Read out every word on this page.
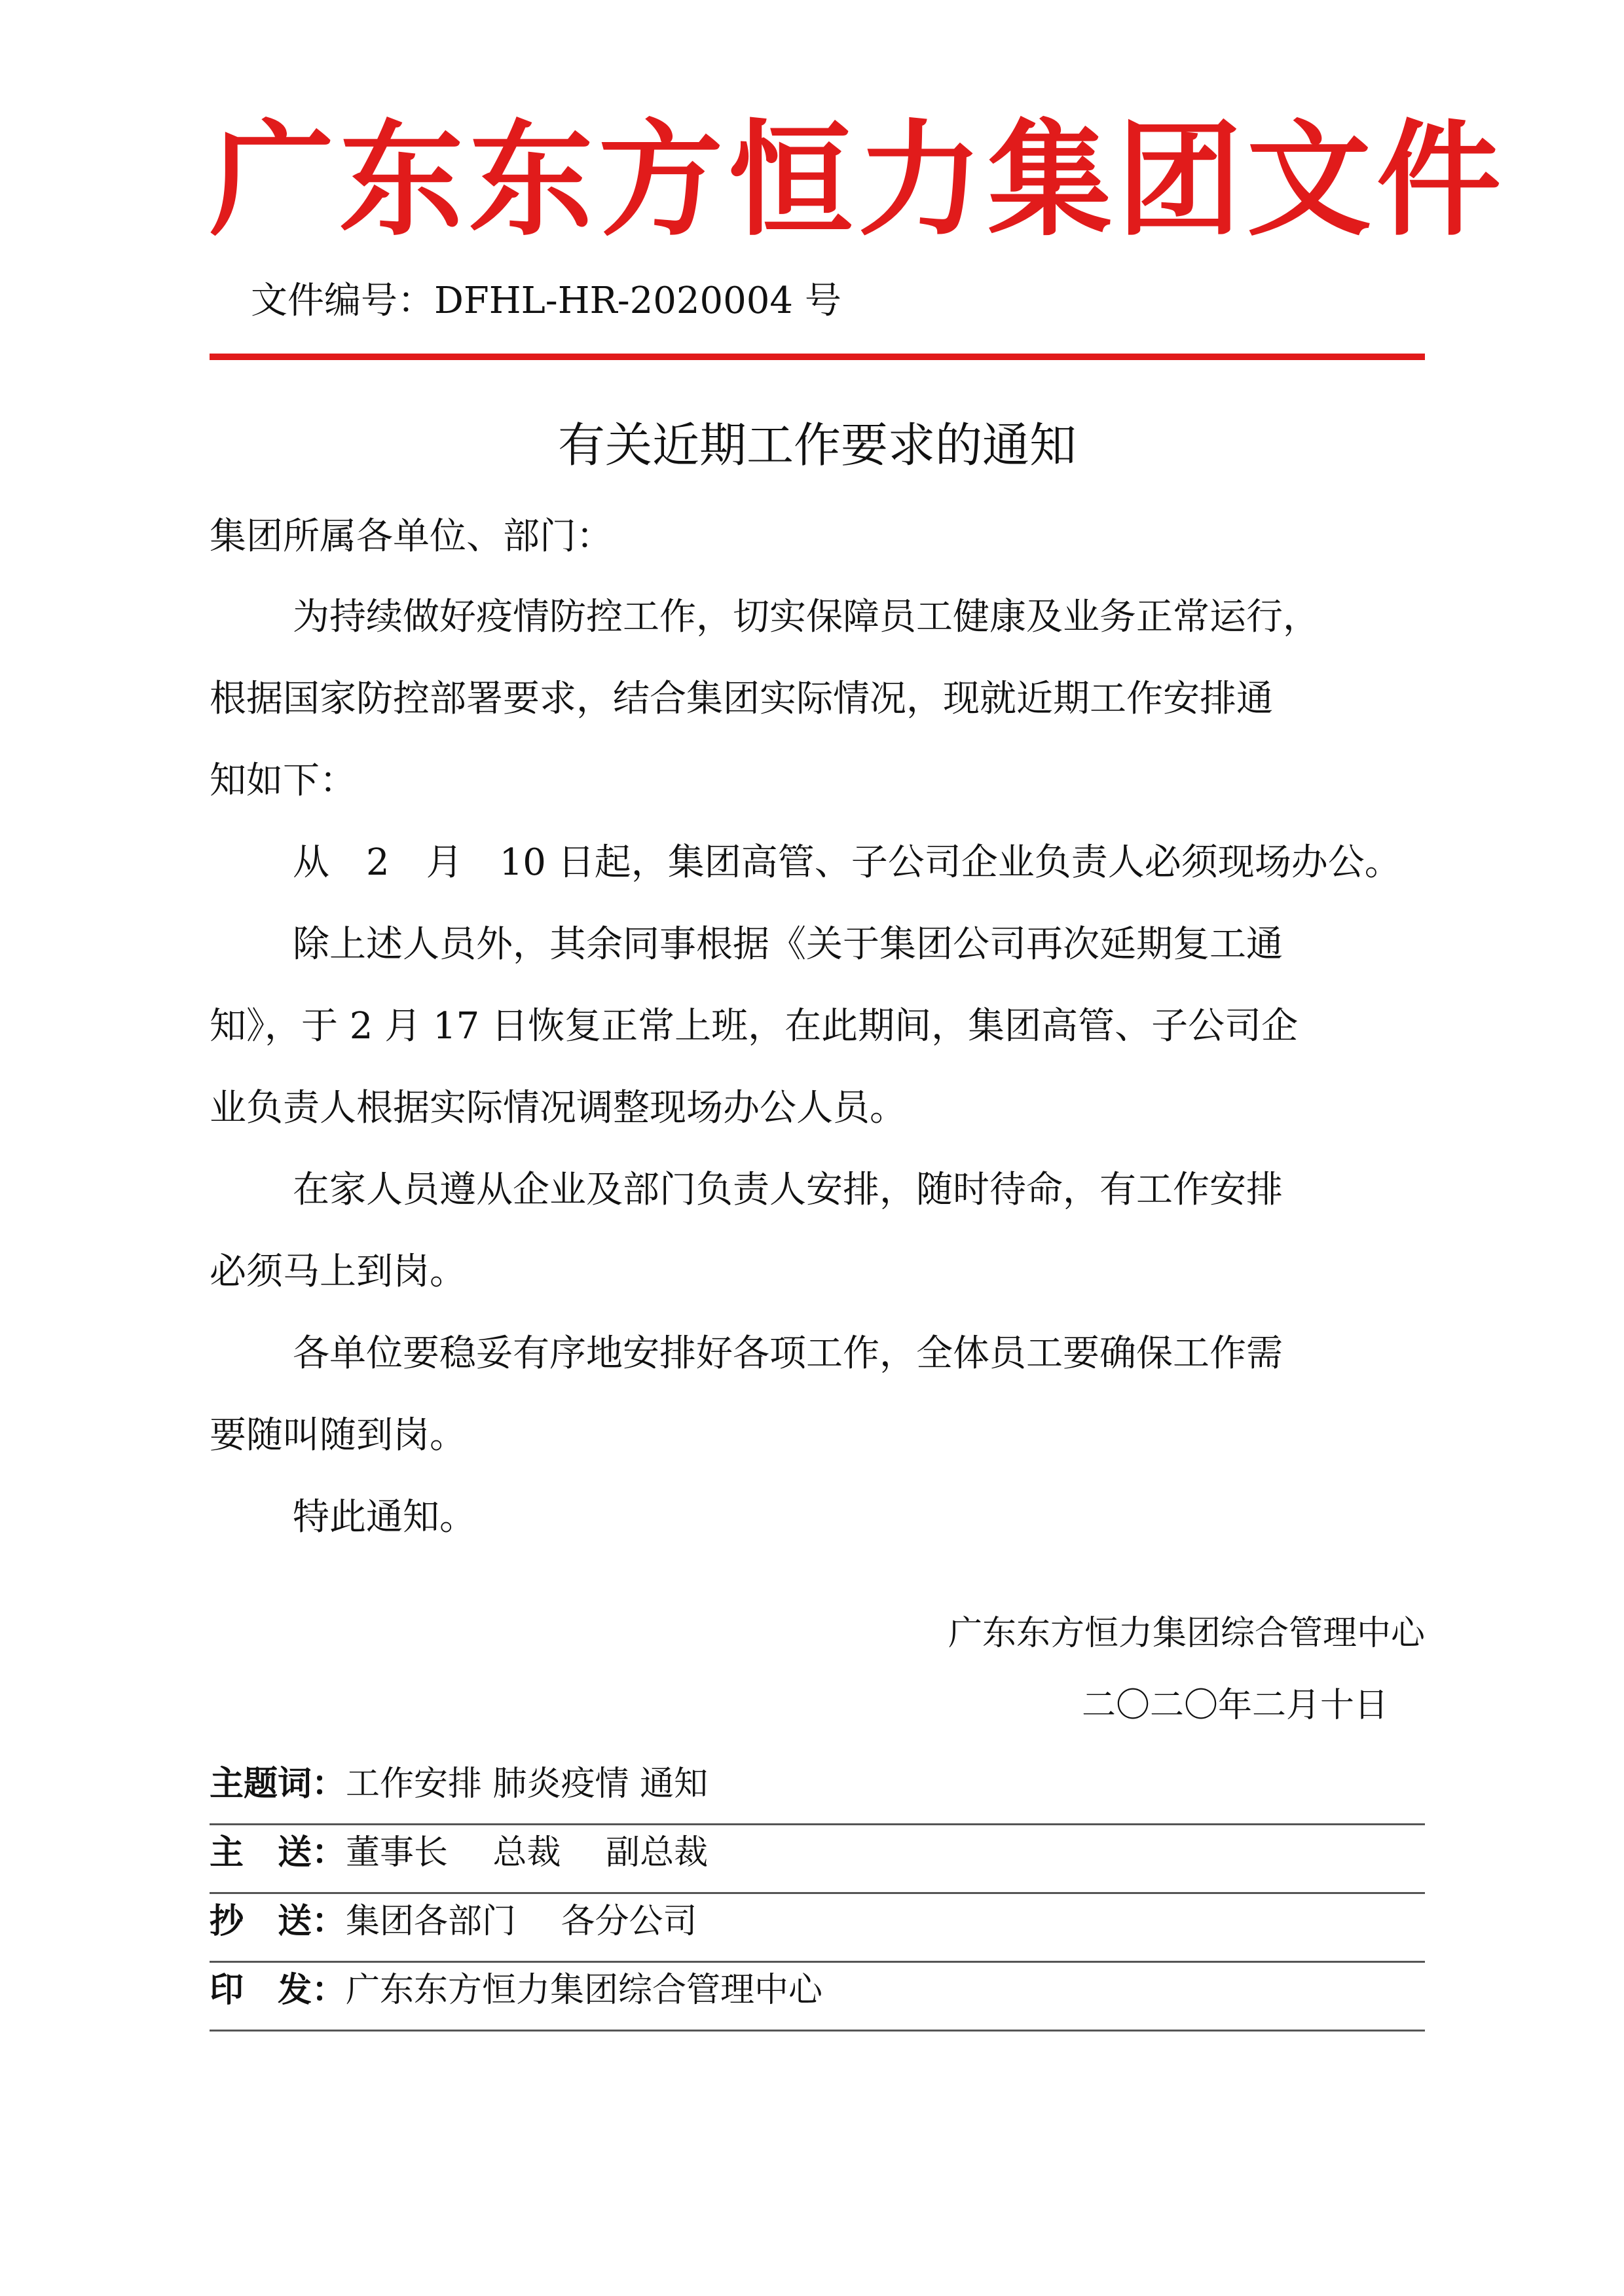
广东东方恒力集团文件
文件编号：DFHL-HR-2020004 号
有关近期工作要求的通知
集团所属各单位、部门：
为持续做好疫情防控工作，切实保障员工健康及业务正常运行，
根据国家防控部署要求，结合集团实际情况，现就近期工作安排通
知如下：
从　2　月　10 日起，集团高管、子公司企业负责人必须现场办公。
除上述人员外，其余同事根据《关于集团公司再次延期复工通
知》，于 2 月 17 日恢复正常上班，在此期间，集团高管、子公司企
业负责人根据实际情况调整现场办公人员。
在家人员遵从企业及部门负责人安排，随时待命，有工作安排
必须马上到岗。
各单位要稳妥有序地安排好各项工作，全体员工要确保工作需
要随叫随到岗。
特此通知。
广东东方恒力集团综合管理中心
二〇二〇年二月十日
主题词：工作安排 肺炎疫情 通知
主　送：董事长　 总裁　 副总裁
抄　送：集团各部门　 各分公司
印　发：广东东方恒力集团综合管理中心
